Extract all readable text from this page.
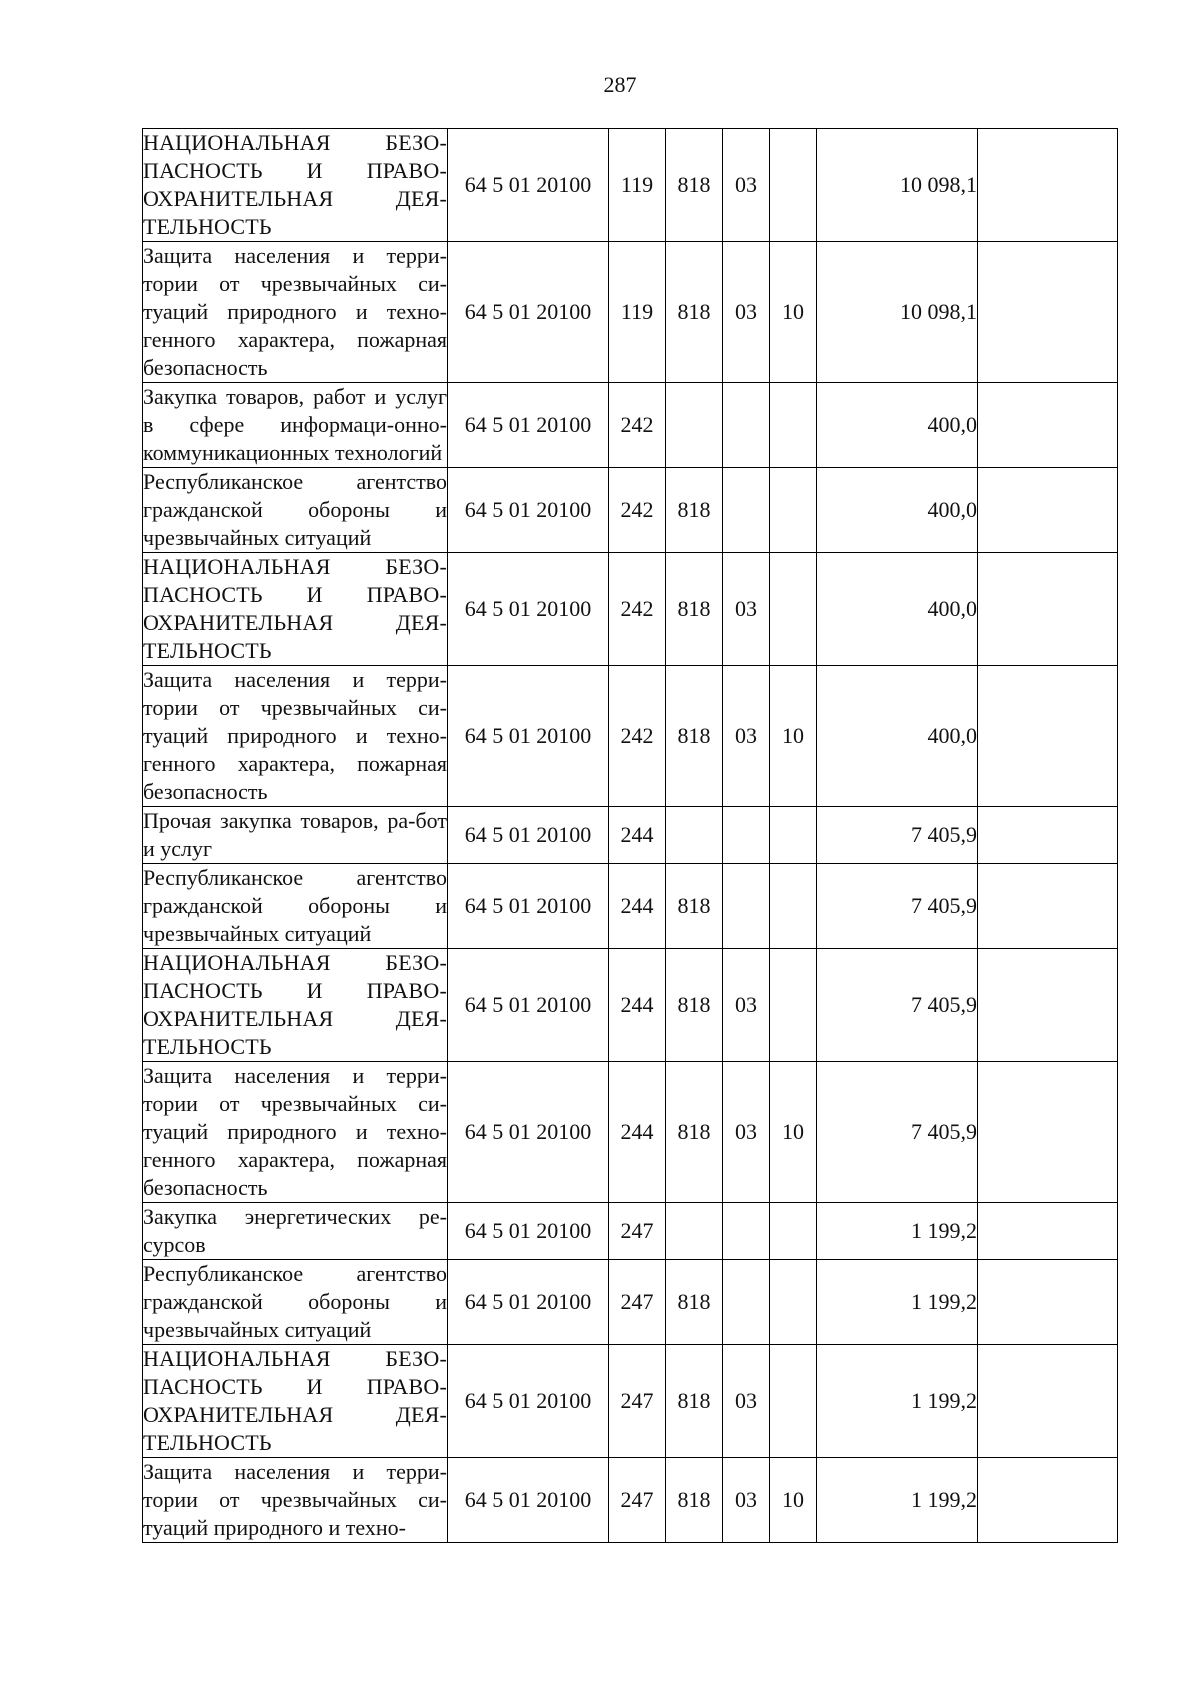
287
НАЦИОНАЛЬНАЯ БЕЗО-ПАСНОСТЬ И ПРАВО-ОХРАНИТЕЛЬНАЯ ДЕЯ-ТЕЛЬНОСТЬ	64 5 01 20100	119	818	03		10 098,1	
Защита населения и терри-тории от чрезвычайных си-туаций природного и техно-генного характера, пожарная безопасность	64 5 01 20100	119	818	03	10	10 098,1	
Закупка товаров, работ и услуг в сфере информаци-онно-коммуникационных технологий	64 5 01 20100	242				400,0	
Республиканское агентство гражданской обороны и чрезвычайных ситуаций	64 5 01 20100	242	818			400,0	
НАЦИОНАЛЬНАЯ БЕЗО-ПАСНОСТЬ И ПРАВО-ОХРАНИТЕЛЬНАЯ ДЕЯ-ТЕЛЬНОСТЬ	64 5 01 20100	242	818	03		400,0	
Защита населения и терри-тории от чрезвычайных си-туаций природного и техно-генного характера, пожарная безопасность	64 5 01 20100	242	818	03	10	400,0	
Прочая закупка товаров, ра-бот и услуг	64 5 01 20100	244				7 405,9	
Республиканское агентство гражданской обороны и чрезвычайных ситуаций	64 5 01 20100	244	818			7 405,9	
НАЦИОНАЛЬНАЯ БЕЗО-ПАСНОСТЬ И ПРАВО-ОХРАНИТЕЛЬНАЯ ДЕЯ-ТЕЛЬНОСТЬ	64 5 01 20100	244	818	03		7 405,9	
Защита населения и терри-тории от чрезвычайных си-туаций природного и техно-генного характера, пожарная безопасность	64 5 01 20100	244	818	03	10	7 405,9	
Закупка энергетических ре-сурсов	64 5 01 20100	247				1 199,2	
Республиканское агентство гражданской обороны и чрезвычайных ситуаций	64 5 01 20100	247	818			1 199,2	
НАЦИОНАЛЬНАЯ БЕЗО-ПАСНОСТЬ И ПРАВО-ОХРАНИТЕЛЬНАЯ ДЕЯ-ТЕЛЬНОСТЬ	64 5 01 20100	247	818	03		1 199,2	
Защита населения и терри-тории от чрезвычайных си-туаций природного и техно-	64 5 01 20100	247	818	03	10	1 199,2	
